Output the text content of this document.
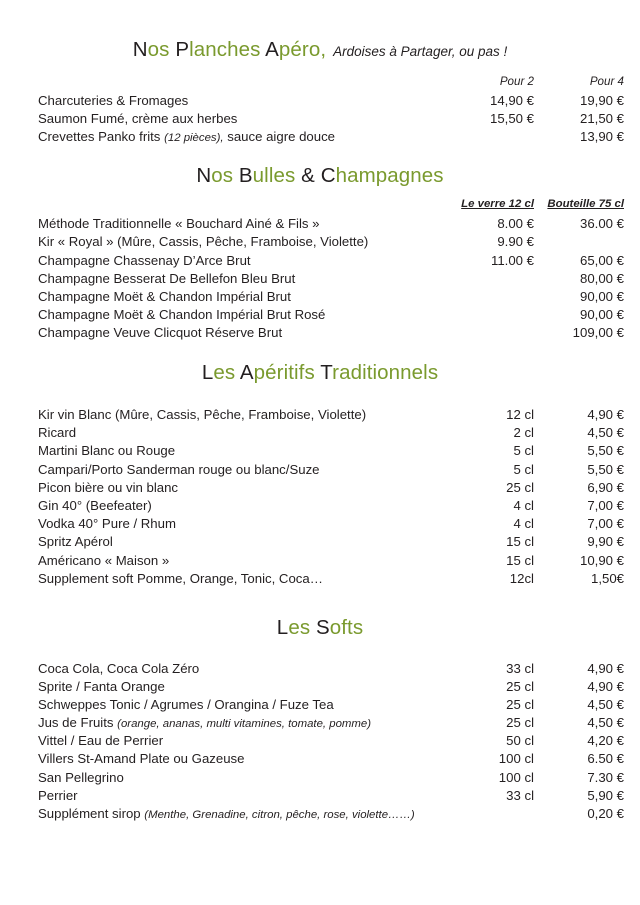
Nos Planches Apéro, Ardoises à Partager, ou pas !
	Pour 2	Pour 4
Charcuteries & Fromages	14,90 €	19,90 €
Saumon Fumé, crème aux herbes	15,50 €	21,50 €
Crevettes Panko frits (12 pièces), sauce aigre douce		13,90 €
Nos Bulles & Champagnes
	Le verre 12 cl	Bouteille 75 cl
Méthode Traditionnelle « Bouchard Ainé & Fils »	8.00 €	36.00 €
Kir « Royal » (Mûre, Cassis, Pêche, Framboise, Violette)	9.90 €	
Champagne Chassenay D’Arce Brut	11.00 €	65,00 €
Champagne Besserat De Bellefon Bleu Brut		80,00 €
Champagne Moët & Chandon Impérial Brut		90,00 €
Champagne Moët & Chandon Impérial Brut Rosé		90,00 €
Champagne Veuve Clicquot Réserve Brut		109,00 €
Les Apéritifs Traditionnels
Kir vin Blanc (Mûre, Cassis, Pêche, Framboise, Violette)	12 cl	4,90 €
Ricard	2 cl	4,50 €
Martini Blanc ou Rouge	5 cl	5,50 €
Campari/Porto Sanderman rouge ou blanc/Suze	5 cl	5,50 €
Picon bière ou vin blanc	25 cl	6,90 €
Gin 40° (Beefeater)	4 cl	7,00 €
Vodka 40° Pure / Rhum	4 cl	7,00 €
Spritz Apérol	15 cl	9,90 €
Américano « Maison »	15 cl	10,90 €
Supplement soft Pomme, Orange, Tonic, Coca…	12cl	1,50€
Les Softs
Coca Cola, Coca Cola Zéro	33 cl	4,90 €
Sprite / Fanta Orange	25 cl	4,90 €
Schweppes Tonic / Agrumes / Orangina / Fuze Tea	25 cl	4,50 €
Jus de Fruits (orange, ananas, multi vitamines, tomate, pomme)	25 cl	4,50 €
Vittel / Eau de Perrier	50 cl	4,20 €
Villers St-Amand Plate ou Gazeuse	100 cl	6.50 €
San Pellegrino	100 cl	7.30 €
Perrier	33 cl	5,90 €
Supplément sirop (Menthe, Grenadine, citron, pêche, rose, violette……)		0,20 €
